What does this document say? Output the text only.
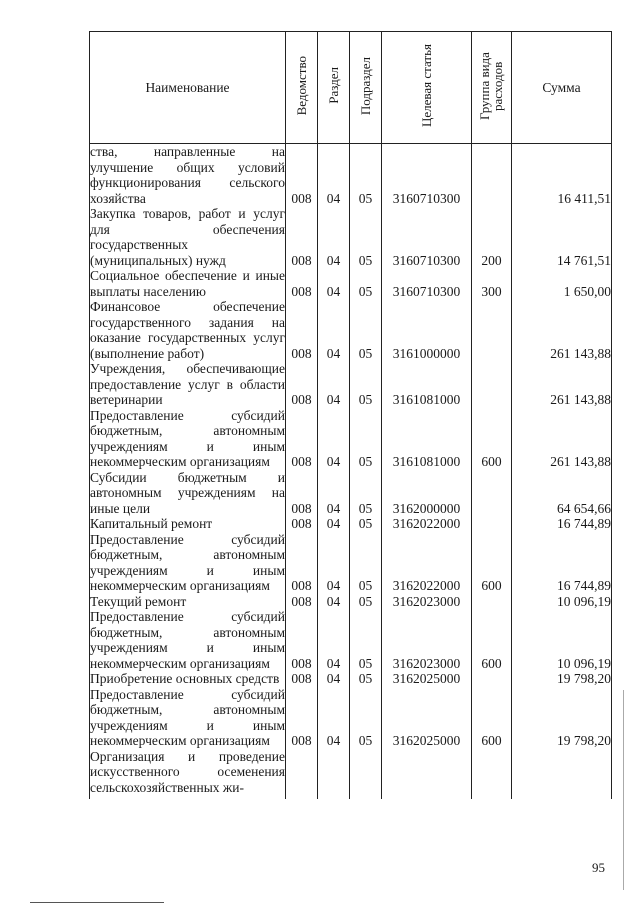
Наименование	Ведомство	Раздел	Подраздел	Целевая статья	Группа вида расходов	Сумма
ства, направленные на улучшение общих условий функционирования сельского хозяйства	008	04	05	3160710300		16 411,51
Закупка товаров, работ и услуг для обеспечения государственных (муниципальных) нужд	008	04	05	3160710300	200	14 761,51
Социальное обеспечение и иные выплаты населению	008	04	05	3160710300	300	1 650,00
Финансовое обеспечение государственного задания на оказание государственных услуг (выполнение работ)	008	04	05	3161000000		261 143,88
Учреждения, обеспечивающие предоставление услуг в области ветеринарии	008	04	05	3161081000		261 143,88
Предоставление субсидий бюджетным, автономным учреждениям и иным некоммерческим организациям	008	04	05	3161081000	600	261 143,88
Субсидии бюджетным и автономным учреждениям на иные цели	008	04	05	3162000000		64 654,66
Капитальный ремонт	008	04	05	3162022000		16 744,89
Предоставление субсидий бюджетным, автономным учреждениям и иным некоммерческим организациям	008	04	05	3162022000	600	16 744,89
Текущий ремонт	008	04	05	3162023000		10 096,19
Предоставление субсидий бюджетным, автономным учреждениям и иным некоммерческим организациям	008	04	05	3162023000	600	10 096,19
Приобретение основных средств	008	04	05	3162025000		19 798,20
Предоставление субсидий бюджетным, автономным учреждениям и иным некоммерческим организациям	008	04	05	3162025000	600	19 798,20
Организация и проведение искусственного осеменения сельскохозяйственных жи-						
95
